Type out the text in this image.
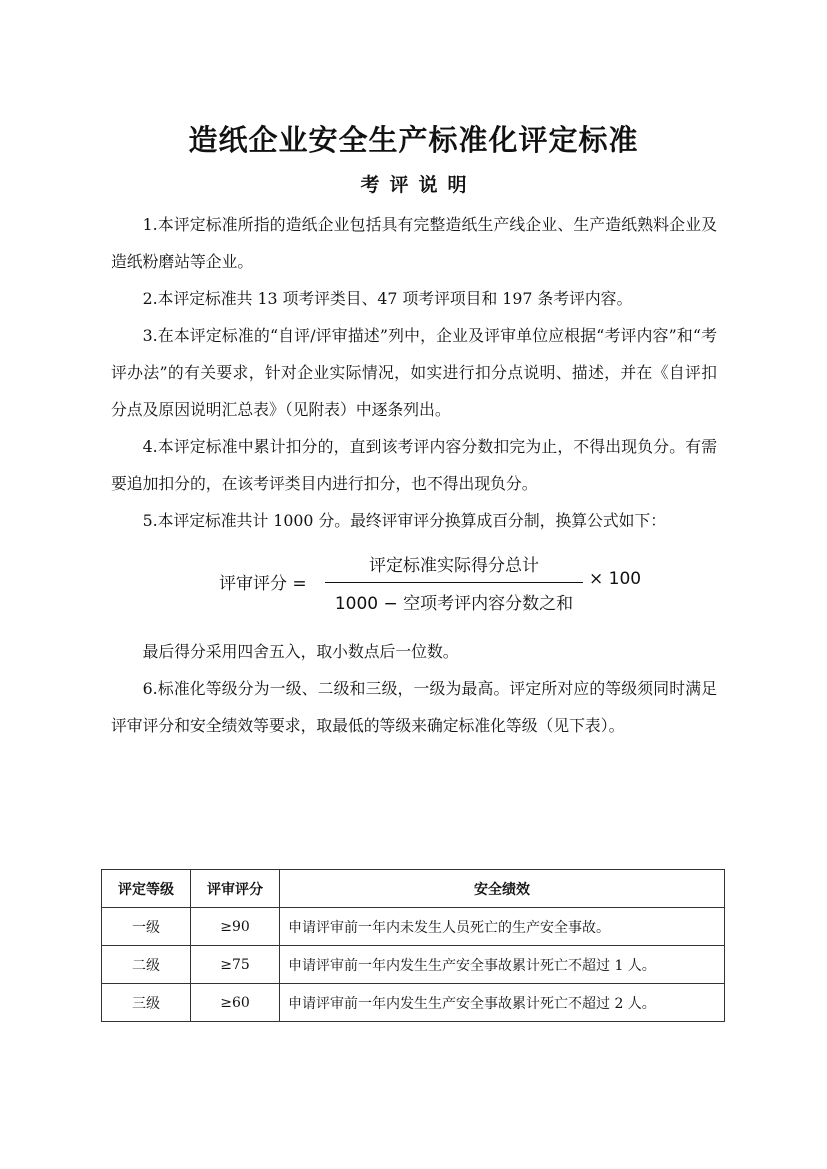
造纸企业安全生产标准化评定标准
考评说明

1.本评定标准所指的造纸企业包括具有完整造纸生产线企业、生产造纸熟料企业及造纸粉磨站等企业。

2.本评定标准共 13 项考评类目、47 项考评项目和 197 条考评内容。

3.在本评定标准的“自评/评审描述”列中，企业及评审单位应根据“考评内容”和“考评办法”的有关要求，针对企业实际情况，如实进行扣分点说明、描述，并在《自评扣分点及原因说明汇总表》（见附表）中逐条列出。

4.本评定标准中累计扣分的，直到该考评内容分数扣完为止，不得出现负分。有需要追加扣分的，在该考评类目内进行扣分，也不得出现负分。

5.本评定标准共计 1000 分。最终评审评分换算成百分制，换算公式如下：

评审评分 =
评定标准实际得分总计
1000 − 空项考评内容分数之和
× 100

最后得分采用四舍五入，取小数点后一位数。

6.标准化等级分为一级、二级和三级，一级为最高。评定所对应的等级须同时满足评审评分和安全绩效等要求，取最低的等级来确定标准化等级（见下表）。

评定等级	评审评分	安全绩效
一级	≥90	申请评审前一年内未发生人员死亡的生产安全事故。
二级	≥75	申请评审前一年内发生生产安全事故累计死亡不超过 1 人。
三级	≥60	申请评审前一年内发生生产安全事故累计死亡不超过 2 人。
